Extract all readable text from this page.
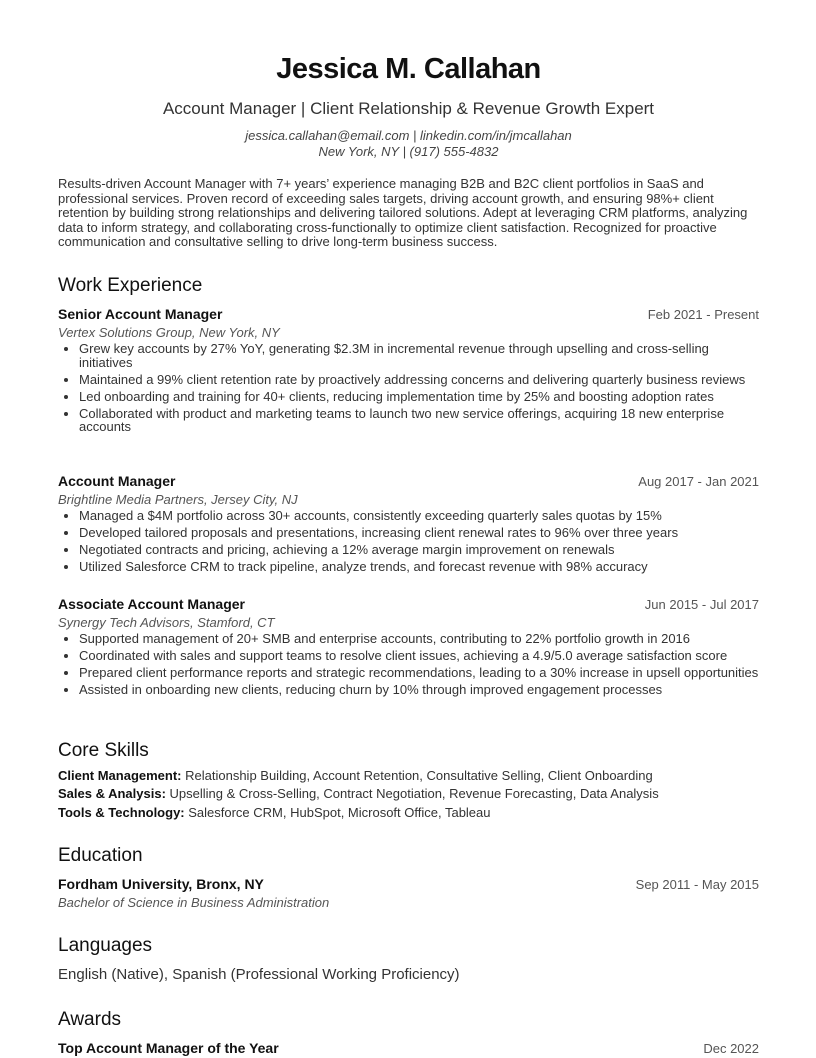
Jessica M. Callahan
Account Manager | Client Relationship & Revenue Growth Expert
jessica.callahan@email.com | linkedin.com/in/jmcallahan
New York, NY | (917) 555-4832
Results-driven Account Manager with 7+ years’ experience managing B2B and B2C client portfolios in SaaS and professional services. Proven record of exceeding sales targets, driving account growth, and ensuring 98%+ client retention by building strong relationships and delivering tailored solutions. Adept at leveraging CRM platforms, analyzing data to inform strategy, and collaborating cross-functionally to optimize client satisfaction. Recognized for proactive communication and consultative selling to drive long-term business success.
Work Experience
Senior Account Manager	Feb 2021 - Present
Vertex Solutions Group, New York, NY
• Grew key accounts by 27% YoY, generating $2.3M in incremental revenue through upselling and cross-selling initiatives
• Maintained a 99% client retention rate by proactively addressing concerns and delivering quarterly business reviews
• Led onboarding and training for 40+ clients, reducing implementation time by 25% and boosting adoption rates
• Collaborated with product and marketing teams to launch two new service offerings, acquiring 18 new enterprise accounts
Account Manager	Aug 2017 - Jan 2021
Brightline Media Partners, Jersey City, NJ
• Managed a $4M portfolio across 30+ accounts, consistently exceeding quarterly sales quotas by 15%
• Developed tailored proposals and presentations, increasing client renewal rates to 96% over three years
• Negotiated contracts and pricing, achieving a 12% average margin improvement on renewals
• Utilized Salesforce CRM to track pipeline, analyze trends, and forecast revenue with 98% accuracy
Associate Account Manager	Jun 2015 - Jul 2017
Synergy Tech Advisors, Stamford, CT
• Supported management of 20+ SMB and enterprise accounts, contributing to 22% portfolio growth in 2016
• Coordinated with sales and support teams to resolve client issues, achieving a 4.9/5.0 average satisfaction score
• Prepared client performance reports and strategic recommendations, leading to a 30% increase in upsell opportunities
• Assisted in onboarding new clients, reducing churn by 10% through improved engagement processes
Core Skills
Client Management: Relationship Building, Account Retention, Consultative Selling, Client Onboarding
Sales & Analysis: Upselling & Cross-Selling, Contract Negotiation, Revenue Forecasting, Data Analysis
Tools & Technology: Salesforce CRM, HubSpot, Microsoft Office, Tableau
Education
Fordham University, Bronx, NY	Sep 2011 - May 2015
Bachelor of Science in Business Administration
Languages
English (Native), Spanish (Professional Working Proficiency)
Awards
Top Account Manager of the Year	Dec 2022
